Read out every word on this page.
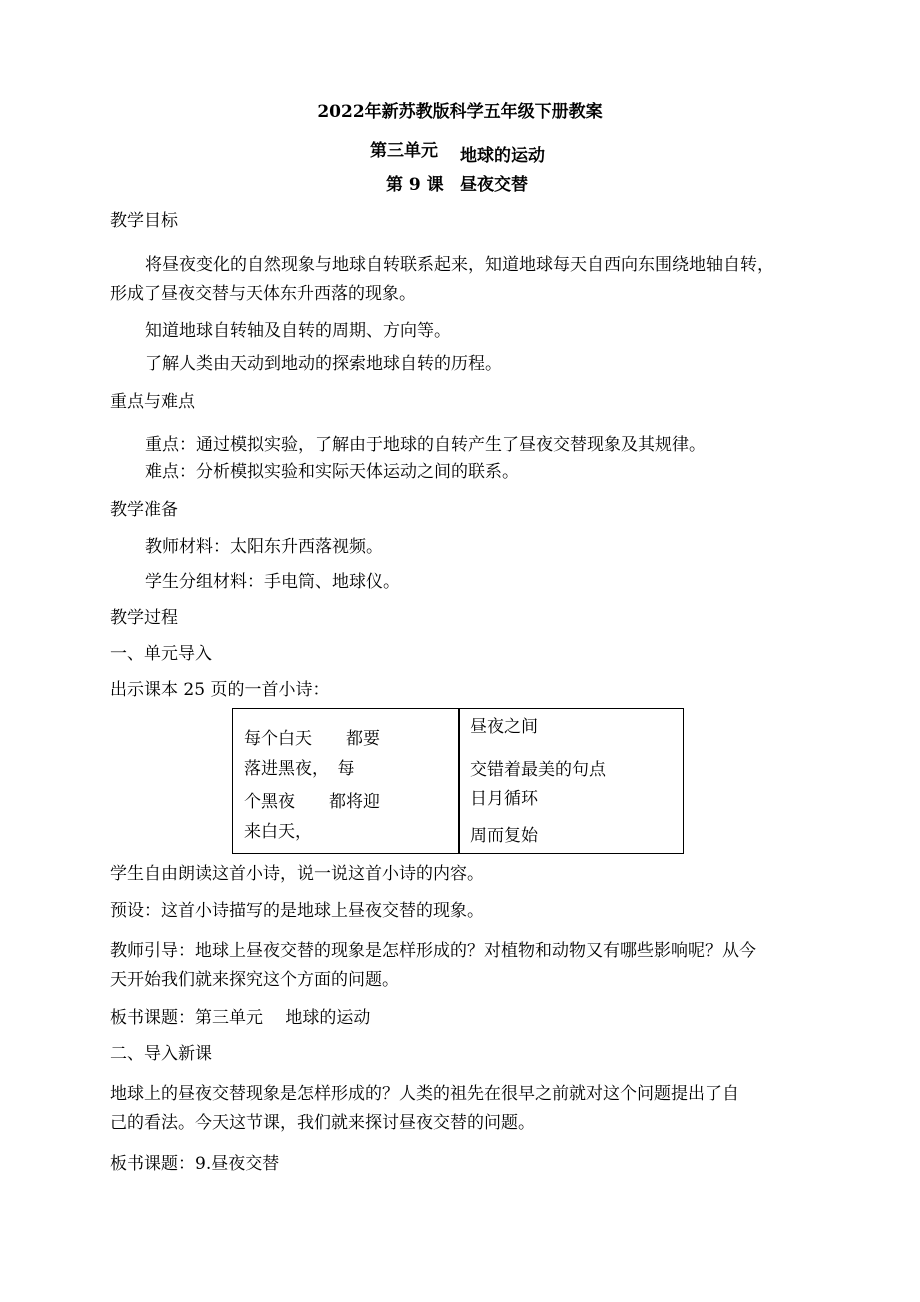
2022年新苏教版科学五年级下册教案
第三单元 地球的运动
第 9 课 昼夜交替
教学目标
将昼夜变化的自然现象与地球自转联系起来，知道地球每天自西向东围绕地轴自转，
形成了昼夜交替与天体东升西落的现象。
知道地球自转轴及自转的周期、方向等。
了解人类由天动到地动的探索地球自转的历程。
重点与难点
重点：通过模拟实验，了解由于地球的自转产生了昼夜交替现象及其规律。
难点：分析模拟实验和实际天体运动之间的联系。
教学准备
教师材料：太阳东升西落视频。
学生分组材料：手电筒、地球仪。
教学过程
一、单元导入
出示课本 25 页的一首小诗：
每个白天　　都要
落进黑夜，　每
个黑夜　　都将迎
来白天，
昼夜之间
交错着最美的句点
日月循环
周而复始
学生自由朗读这首小诗，说一说这首小诗的内容。
预设：这首小诗描写的是地球上昼夜交替的现象。
教师引导：地球上昼夜交替的现象是怎样形成的？对植物和动物又有哪些影响呢？从今
天开始我们就来探究这个方面的问题。
板书课题：第三单元　 地球的运动
二、导入新课
地球上的昼夜交替现象是怎样形成的？人类的祖先在很早之前就对这个问题提出了自
己的看法。今天这节课，我们就来探讨昼夜交替的问题。
板书课题：9.昼夜交替
